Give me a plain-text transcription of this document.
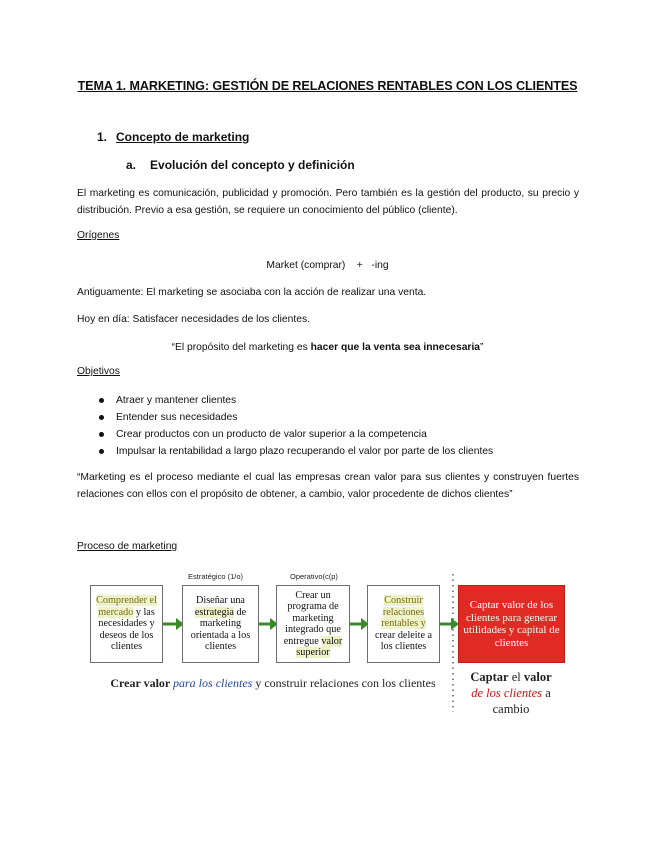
TEMA 1. MARKETING: GESTIÓN DE RELACIONES RENTABLES CON LOS CLIENTES
1. Concepto de marketing
a. Evolución del concepto y definición
El marketing es comunicación, publicidad y promoción. Pero también es la gestión del producto, su precio y distribución. Previo a esa gestión, se requiere un conocimiento del público (cliente).
Orígenes
Market (comprar)    +   -ing
Antiguamente: El marketing se asociaba con la acción de realizar una venta.
Hoy en día: Satisfacer necesidades de los clientes.
“El propósito del marketing es hacer que la venta sea innecesaria”
Objetivos
Atraer y mantener clientes
Entender sus necesidades
Crear productos con un producto de valor superior a la competencia
Impulsar la rentabilidad a largo plazo recuperando el valor por parte de los clientes
“Marketing es el proceso mediante el cual las empresas crean valor para sus clientes y construyen fuertes relaciones con ellos con el propósito de obtener, a cambio, valor procedente de dichos clientes”
Proceso de marketing
Estratégico (1/o)	Operativo(c(p)
Comprender el mercado y las necesidades y deseos de los clientes
Diseñar una estrategia de marketing orientada a los clientes
Crear un programa de marketing integrado que entregue valor superior
Construir relaciones rentables y crear deleite a los clientes
Captar valor de los clientes para generar utilidades y capital de clientes
Crear valor para los clientes y construir relaciones con los clientes	Captar el valor
de los clientes a
cambio
